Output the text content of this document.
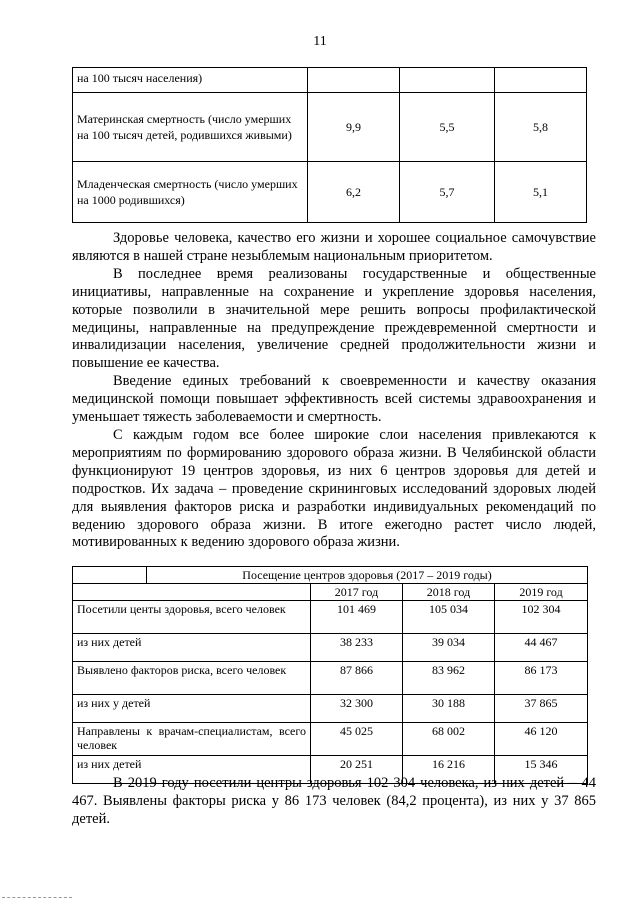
11
на 100 тысяч населения)			
Материнская смертность (число умерших на 100 тысяч детей, родившихся живыми)	9,9	5,5	5,8
Младенческая смертность (число умерших на 1000 родившихся)	6,2	5,7	5,1

Здоровье человека, качество его жизни и хорошее социальное самочувствие являются в нашей стране незыблемым национальным приоритетом.

В последнее время реализованы государственные и общественные инициативы, направленные на сохранение и укрепление здоровья населения, которые позволили в значительной мере решить вопросы профилактической медицины, направленные на предупреждение преждевременной смертности и инвалидизации населения, увеличение средней продолжительности жизни и повышение ее качества.

Введение единых требований к своевременности и качеству оказания медицинской помощи повышает эффективность всей системы здравоохранения и уменьшает тяжесть заболеваемости и смертность.

С каждым годом все более широкие слои населения привлекаются к мероприятиям по формированию здорового образа жизни. В Челябинской области функционируют 19 центров здоровья, из них 6 центров здоровья для детей и подростков. Их задача – проведение скрининговых исследований здоровых людей для выявления факторов риска и разработки индивидуальных рекомендаций по ведению здорового образа жизни. В итоге ежегодно растет число людей, мотивированных к ведению здорового образа жизни.

	Посещение центров здоровья (2017 – 2019 годы)			
		2017 год	2018 год	2019 год
Посетили центы здоровья, всего человек		101 469	105 034	102 304
из них детей		38 233	39 034	44 467
Выявлено факторов риска, всего человек		87 866	83 962	86 173
из них у детей		32 300	30 188	37 865
Направлены к врачам-специалистам, всего человек		45 025	68 002	46 120
из них детей		20 251	16 216	15 346

В 2019 году посетили центры здоровья 102 304 человека, из них детей – 44 467. Выявлены факторы риска у 86 173 человек (84,2 процента), из них у 37 865 детей.
